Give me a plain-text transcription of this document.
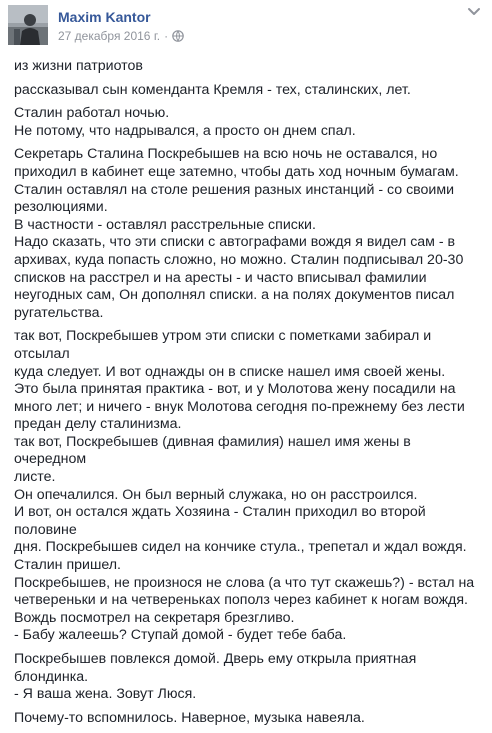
Maxim Kantor
27 декабря 2016 г. ·

из жизни патриотов

рассказывал сын коменданта Кремля - тех, сталинских, лет.

Сталин работал ночью.
Не потому, что надрывался, а просто он днем спал.

Секретарь Сталина Поскребышев на всю ночь не оставался, но
приходил в кабинет еще затемно, чтобы дать ход ночным бумагам.
Сталин оставлял на столе решения разных инстанций - со своими
резолюциями.
В частности - оставлял расстрельные списки.
Надо сказать, что эти списки с автографами вождя я видел сам - в
архивах, куда попасть сложно, но можно. Сталин подписывал 20-30
списков на расстрел и на аресты - и часто вписывал фамилии
неугодных сам, Он дополнял списки. а на полях документов писал
ругательства.

так вот, Поскребышев утром эти списки с пометками забирал и отсылал
куда следует. И вот однажды он в списке нашел имя своей жены.
Это была принятая практика - вот, и у Молотова жену посадили на
много лет; и ничего - внук Молотова сегодня по-прежнему без лести
предан делу сталинизма.
так вот, Поскребышев (дивная фамилия) нашел имя жены в очередном
листе.
Он опечалился. Он был верный служака, но он расстроился.
И вот, он остался ждать Хозяина - Сталин приходил во второй половине
дня. Поскребышев сидел на кончике стула., трепетал и ждал вождя.
Сталин пришел.
Поскребышев, не произнося не слова (а что тут скажешь?) - встал на
четвереньки и на четвереньках пополз через кабинет к ногам вождя.
Вождь посмотрел на секретаря брезгливо.
- Бабу жалеешь? Ступай домой - будет тебе баба.

Поскребышев повлекся домой. Дверь ему открыла приятная блондинка.
- Я ваша жена. Зовут Люся.

Почему-то вспомнилось. Наверное, музыка навеяла.
